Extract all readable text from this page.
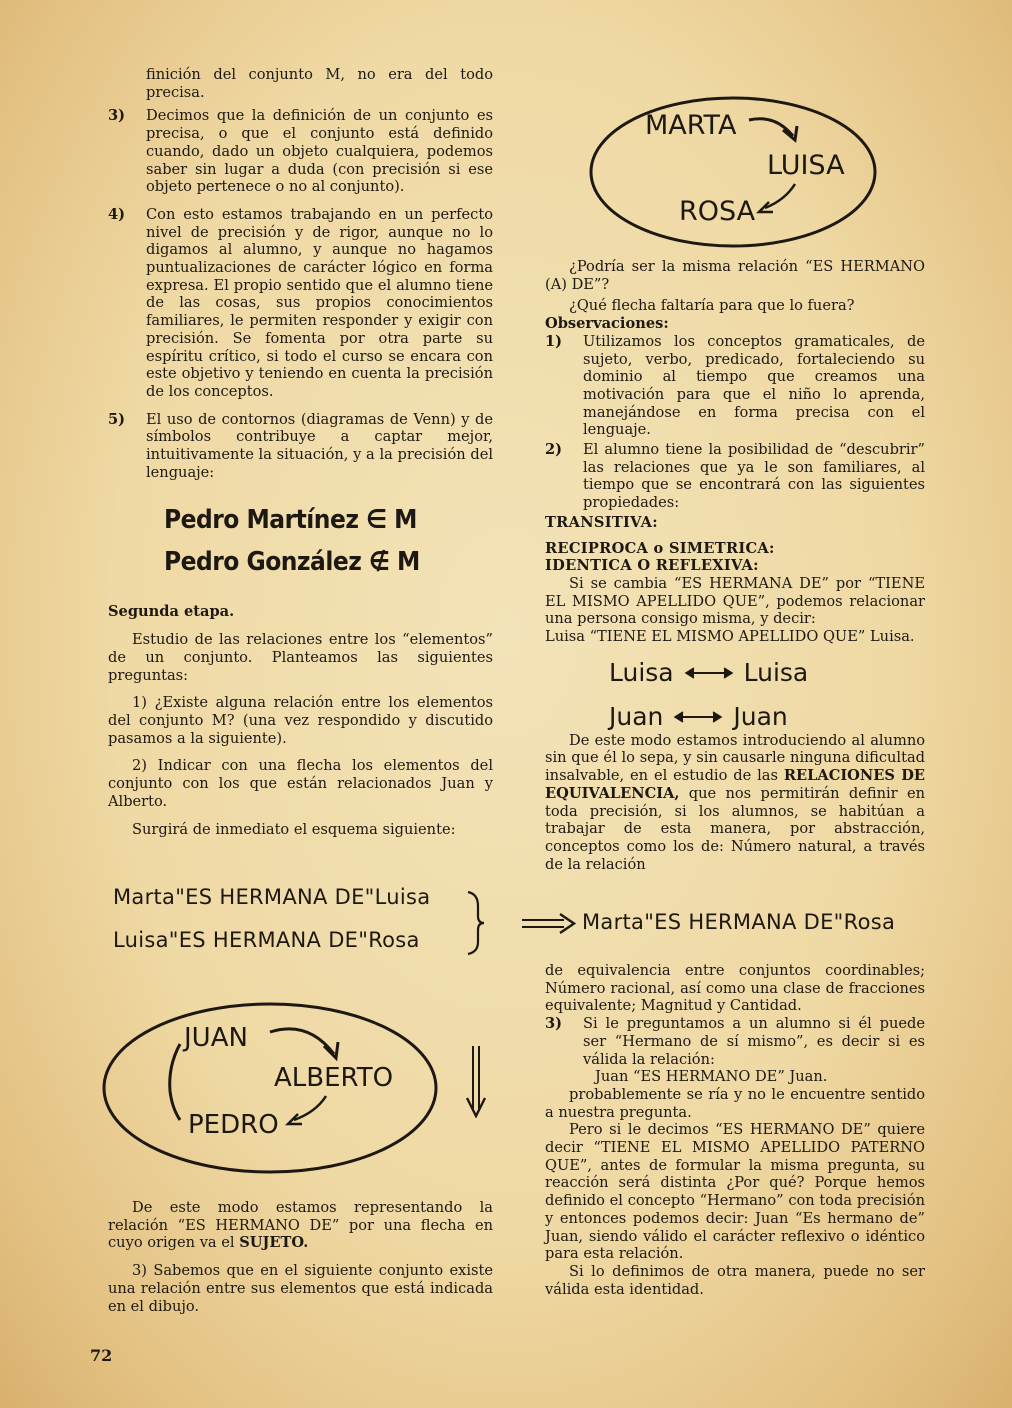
finición del conjunto M, no era del todo precisa.

3)	Decimos que la definición de un conjunto es precisa, o que el conjunto está definido cuando, dado un objeto cualquiera, podemos saber sin lugar a duda (con precisión si ese objeto pertenece o no al conjunto).
4)	Con esto estamos trabajando en un perfecto nivel de precisión y de rigor, aunque no lo digamos al alumno, y aunque no hagamos puntualizaciones de carácter lógico en forma expresa. El propio sentido que el alumno tiene de las cosas, sus propios conocimientos familiares, le permiten responder y exigir con precisión. Se fomenta por otra parte su espíritu crítico, si todo el curso se encara con este objetivo y teniendo en cuenta la precisión de los conceptos.
5)	El uso de contornos (diagramas de Venn) y de símbolos contribuye a captar mejor, intuitivamente la situación, y a la precisión del lenguaje:
Pedro Martínez ∈ M
Pedro González ∉ M

Segunda etapa.

Estudio de las relaciones entre los “elementos” de un conjunto. Planteamos las siguientes preguntas:

1) ¿Existe alguna relación entre los elementos del conjunto M? (una vez respondido y discutido pasamos a la siguiente).

2) Indicar con una flecha los elementos del conjunto con los que están relacionados Juan y Alberto.

Surgirá de inmediato el esquema siguiente:

Marta"ES HERMANA DE"Luisa
Luisa"ES HERMANA DE"Rosa
Marta"ES HERMANA DE"Rosa
JUAN
ALBERTO
PEDRO

De este modo estamos representando la relación “ES HERMANO DE” por una flecha en cuyo origen va el SUJETO.

3) Sabemos que en el siguiente conjunto existe una relación entre sus elementos que está indicada en el dibujo.

MARTA
LUISA
ROSA

¿Podría ser la misma relación “ES HERMANO (A) DE”?

¿Qué flecha faltaría para que lo fuera?

Observaciones:

1)	Utilizamos los conceptos gramaticales, de sujeto, verbo, predicado, fortaleciendo su dominio al tiempo que creamos una motivación para que el niño lo aprenda, manejándose en forma precisa con el lenguaje.
2)	El alumno tiene la posibilidad de “descubrir” las relaciones que ya le son familiares, al tiempo que se encontrará con las siguientes propiedades:

TRANSITIVA:

RECIPROCA o SIMETRICA:

IDENTICA O REFLEXIVA:

Si se cambia “ES HERMANA DE” por “TIENE EL MISMO APELLIDO QUE”, podemos relacionar una persona consigo misma, y decir:

Luisa “TIENE EL MISMO APELLIDO QUE” Luisa.

Luisa	Luisa
Juan	Juan

De este modo estamos introduciendo al alumno sin que él lo sepa, y sin causarle ninguna dificultad insalvable, en el estudio de las RELACIONES DE EQUIVALENCIA, que nos permitirán definir en toda precisión, si los alumnos, se habitúan a trabajar de esta manera, por abstracción, conceptos como los de: Número natural, a través de la relación

de equivalencia entre conjuntos coordinables; Número racional, así como una clase de fracciones equivalente; Magnitud y Cantidad.

3)	Si le preguntamos a un alumno si él puede ser “Hermano de sí mismo”, es decir si es válida la relación:

Juan “ES HERMANO DE” Juan.

probablemente se ría y no le encuentre sentido a nuestra pregunta.

Pero si le decimos “ES HERMANO DE” quiere decir “TIENE EL MISMO APELLIDO PATERNO QUE”, antes de formular la misma pregunta, su reacción será distinta ¿Por qué? Porque hemos definido el concepto “Hermano” con toda precisión y entonces podemos decir: Juan “Es hermano de” Juan, siendo válido el carácter reflexivo o idéntico para esta relación.

Si lo definimos de otra manera, puede no ser válida esta identidad.

72
